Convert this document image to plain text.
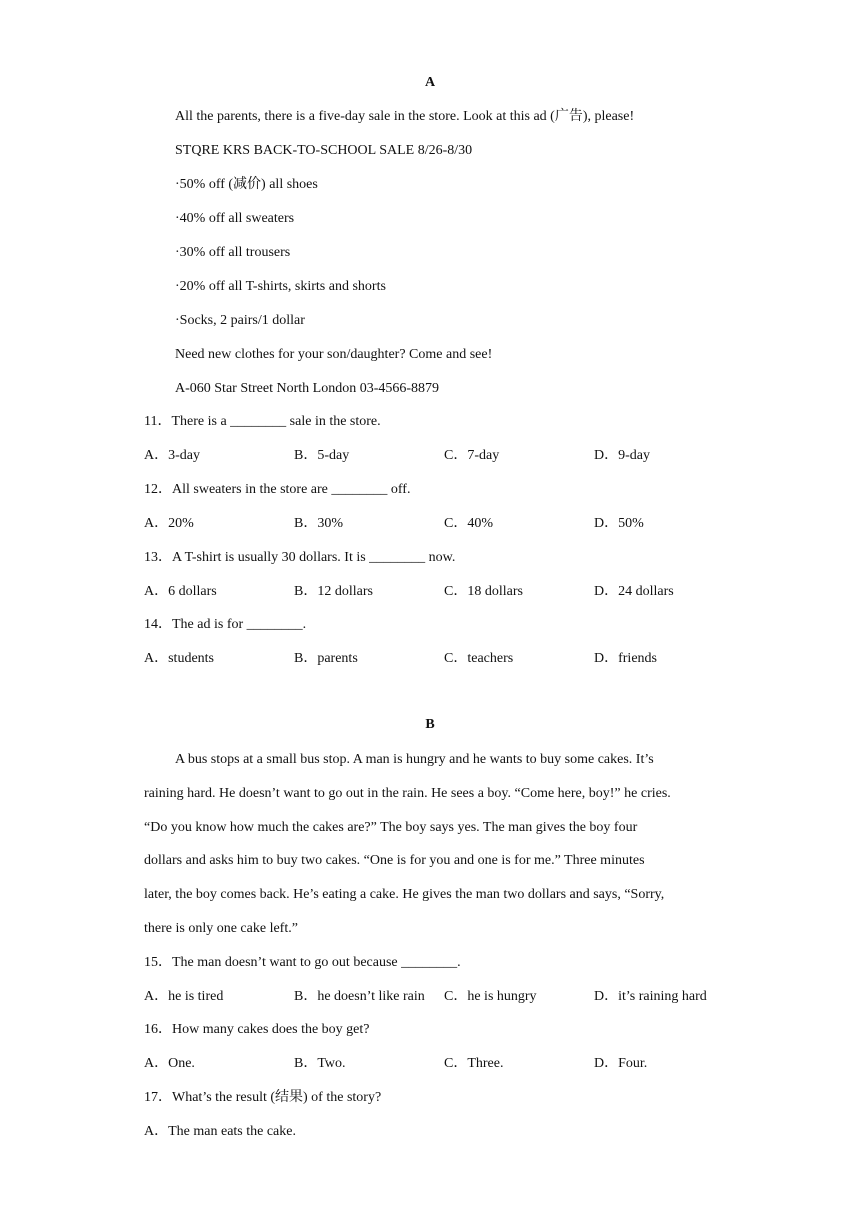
A
All the parents, there is a five-day sale in the store. Look at this ad (广告), please!
STQRE KRS BACK-TO-SCHOOL SALE 8/26-8/30
·50% off (减价) all shoes
·40% off all sweaters
·30% off all trousers
·20% off all T-shirts, skirts and shorts
·Socks, 2 pairs/1 dollar
Need new clothes for your son/daughter? Come and see!
A-060 Star Street North London 03-4566-8879
11．There is a ________ sale in the store.
A．3-day	B．5-day	C．7-day	D．9-day
12．All sweaters in the store are ________ off.
A．20%	B．30%	C．40%	D．50%
13．A T-shirt is usually 30 dollars. It is ________ now.
A．6 dollars	B．12 dollars	C．18 dollars	D．24 dollars
14．The ad is for ________.
A．students	B．parents	C．teachers	D．friends
B
A bus stops at a small bus stop. A man is hungry and he wants to buy some cakes. It’s
raining hard. He doesn’t want to go out in the rain. He sees a boy. “Come here, boy!” he cries.
“Do you know how much the cakes are?” The boy says yes. The man gives the boy four
dollars and asks him to buy two cakes. “One is for you and one is for me.” Three minutes
later, the boy comes back. He’s eating a cake. He gives the man two dollars and says, “Sorry,
there is only one cake left.”
15．The man doesn’t want to go out because ________.
A．he is tired	B．he doesn’t like rain C．he is hungry	D．it’s raining hard
16．How many cakes does the boy get?
A．One.	B．Two.	C．Three.	D．Four.
17．What’s the result (结果) of the story?
A．The man eats the cake.
